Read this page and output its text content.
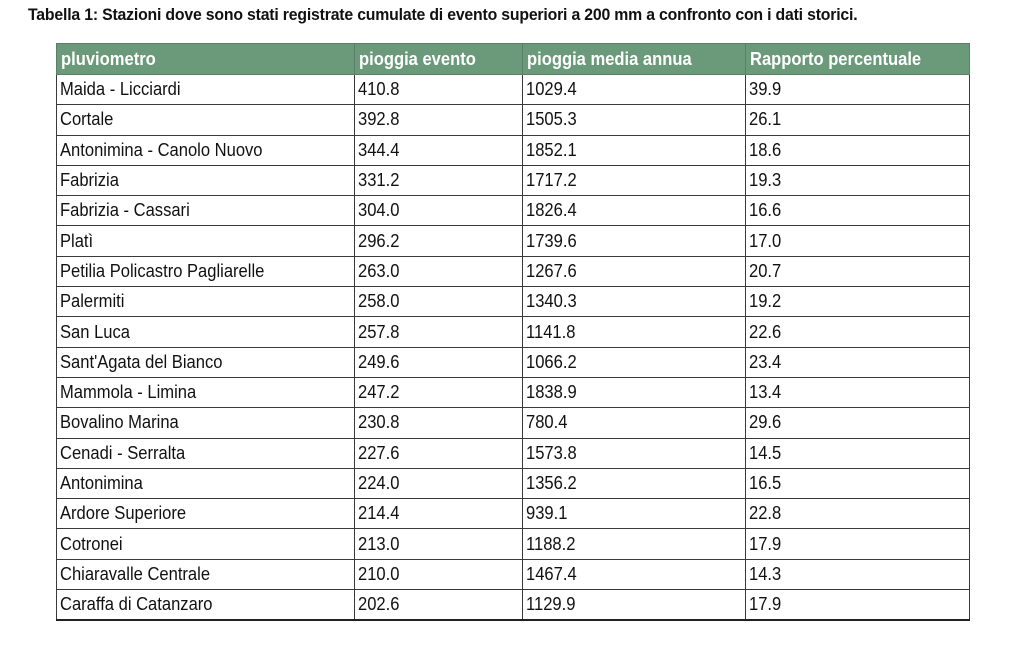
Tabella 1: Stazioni dove sono stati registrate cumulate di evento superiori a 200 mm a confronto con i dati storici.
pluviometro	pioggia evento	pioggia media annua	Rapporto percentuale
Maida - Licciardi	410.8	1029.4	39.9
Cortale	392.8	1505.3	26.1
Antonimina - Canolo Nuovo	344.4	1852.1	18.6
Fabrizia	331.2	1717.2	19.3
Fabrizia - Cassari	304.0	1826.4	16.6
Platì	296.2	1739.6	17.0
Petilia Policastro Pagliarelle	263.0	1267.6	20.7
Palermiti	258.0	1340.3	19.2
San Luca	257.8	1141.8	22.6
Sant'Agata del Bianco	249.6	1066.2	23.4
Mammola - Limina	247.2	1838.9	13.4
Bovalino Marina	230.8	780.4	29.6
Cenadi - Serralta	227.6	1573.8	14.5
Antonimina	224.0	1356.2	16.5
Ardore Superiore	214.4	939.1	22.8
Cotronei	213.0	1188.2	17.9
Chiaravalle Centrale	210.0	1467.4	14.3
Caraffa di Catanzaro	202.6	1129.9	17.9
